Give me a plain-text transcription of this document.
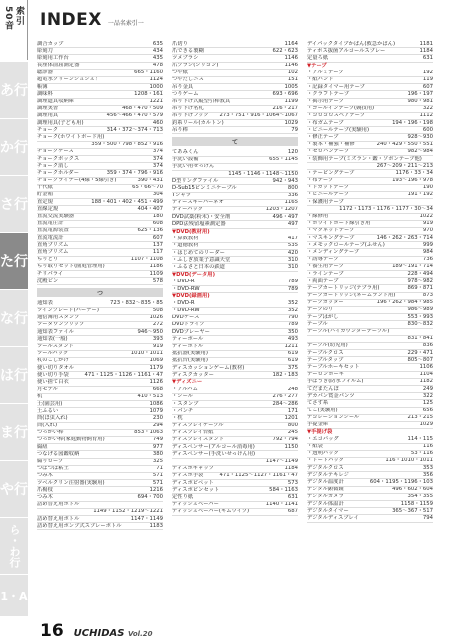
50音 索引
あ行
か行
さ行
た行
な行
は行
ま行
や行
ら・わ行
1・A
INDEX 一品名索引一
調合カップ	635
彫刻刀	434
彫刻用工作台	435
長座体前屈測定器	478
聴診器	665・1160
超電水クリーンシュシュ！	1124
帳簿	1000
調味料	1208・161
調理道具収納庫	1221
調理実習	468・470・509
調理用具	456〜466・470・579
調理用具(子ども用)	460
チョーク	314・372〜374・713
チョーク(ホワイトボード用)
359・500・798・852・916
チョークケース	374
チョークボックス	374
チョーク消し	374
チョークホルダー	359・374・796・916
チョークライナー(4線・5線引き)	390・431
千代紙	65・66〜70
貯金箱	304
直定規	188・401・402・451・499
直線定規	404・407
直流交流実験器	180
直流電圧計	608
直流電源装置	625・136
直流電流計	607
直角プリズム	137
直角プリズム	117
ちりとり	1107・1108
ちり取りセット(園庭管理用)	1186
チリパライ	1109
沈殿ビン	578
つ
通知表	723・832〜835・85
ツインブレード(バーナー)	508
通信簿用スタンプ	1026
ツーダウンブリップ	272
通知表ファイル	946〜950
通知表(一般)	393
ツールスタンド	919
ツールバッグ	1010・1011
杖のこしかけ	1069
使い切りタオル	1179
使い切り手袋	471・1125・1126・1161・47
使い捨て白衣	1126
月モデル	668
机	410・513
土(園芸用)	1086
土ふるい	1079
筒(ほ虫入れ)	230
筒(入れ)	294
つっかい棒	853・1063
つっかい棒(家庭動物飼育用)	749
綴紐	977
つなげる図鑑収納	380
綴りロープ	325
つぼつぼ粘土	71
つみ木	571
ツベルクリン注射器(実験用)	571
爪楊枝	1216
つみ木	694・700
詰め替え用ボトル
1149・1152・1219〜1221
詰め替え用ボトル	1147・1149
詰め替え用ポンプ式スプレーボトル	1183
爪切り	1164
爪できる製糊	622・623
ツメブラシ	1146
爪ブラシ(シリコン)	1146
つや紙	102
つやだしニス	151
吊り金具	1005
つりゲーム	693・696
吊り下げ式縦型引棒教具	1199
吊り下げ名札	216・217
吊り下げフック 273・751・916・1064〜1067
釣糸リール(カルトン)	1029
吊り棒	79
て
てあみくん	120
手洗い設備	655・1145
手洗い用せっけん
1145・1146・1148〜1150
D型リングファイル	942・943
D-Sub15ピンミニケーブル	800
Tシャツ	336
ティースキーパーネオ	1165
ティーバッグ	1203・1207
DVD試薬(粉末)・安全剤	496・497
DPD法残留塩素測定器	497
▼DVD(教材用)
・算数教材	417
・道徳教材	535
・はじめてのリーダー	420
・ふしぎ放業子意識天堂	310
・ふるさと日本の鉄道	310
▼DVD(データ用)
・DVD-R	789
・DVD-RW	789
▼DVD(録画用)
・DVD-R	352
・DVD-RW	352
DVDケース	790
DVDドライブ	789
DVDプレーヤー	350
ティーポール	493
ティーボトル	1211
抵抗器(実験用)	619
抵抗台(実験用)	619
ディスカッションゲーム(教材)	375
ディスクカッター	182・183
▼ディズニー
・アルバム	248
・シール	276・277
・スタンプ	284〜286
・パンチ	171
・枕	1201
ディスプレイケーブル	800
ディスプレイ台紙	245
ディスプレイスタンド	792・794
ディスペンサー(アルコール消毒用)	1150
ディスペンサー(手洗いせっけん用)
1147〜1149
ディスポギャップ	1184
ディスポ手袋	471・1125〜1127・1161・47
ディスポピペット	573
ディスポピンセット	584・1163
定性り紙	631
ディッシュペーパー	1140・1141
ディッシュペーパー(キムワイプ)	687
デイパックタイプかばん(救急かばん)	1181
ティポス抜菌アルコールスプレー	1184
定量ろ紙	631
▼テープ
・アルミテープ	192
・紙バンド	119
・記録タイマー用テープ	607
・クラフトテープ	196・197
・掲示用テープ	980・981
・ゴールインテープ(競技用)	322
・コロコロスペアテープ	1112
・布ガムテープ	194・196・198
・ビニールテープ(実験用)	600
・修正テープ	928〜930
・製本・補強・補修	240・429・550・551
・セロハンテープ	982〜984
・装飾用テープ(ミズラン・鑑・ソボンテープ他)
267〜209・211〜213
・テーピングテープ	1176・33・34
・布テープ	193〜196・978
・ドカットテープ	190
・ビニールテープ	191・192
・保護用テープ
1172・1173・1176・1177・30〜34
・線修用	1022
・ホワイトボード線引き用	919
・マグネットテープ	970
・マスキングテープ	146・262・263・714
・メモックロールテープ(ふせん)	999
・メンディングテープ	984
・誘導テープ	736
・養生用テープ	189〜191・714
・ラインテープ	228・494
・両面テープ	978〜982
テープカートリッジ(テプラ用)	869・871
テープカートリッジ(ネームランド用)	873
テープカッター	196・262・984・985
テープのり	986〜989
テープはがし	553・993
テープル	830〜832
テーブル(ハイカウンターテーブル)
831・841
テーブル(幼児用)	836
テーブルクロス	229・471
テーブルタップ	805〜807
テーブルホーキセット	1106
テーロンホーキ	1104
手ぼうき(防水フィルム)	1182
てだまたんぽ	249
デカパン賞金パンツ	322
てさす糸	125
てこ(実験用)	656
デコレーションシール	213・215
手提金庫	1029
▼手提げ袋
・エコバッグ	114・115
・紙袋	116
・透明バッグ	53・116
・トートバッグ	116・1010・1011
デジタルクロス	353
デジタルテキレジ	356
デジタル温度計	604・1195・1196・103
デジタル顕微鏡	496・602・604
デジタルカメラ	354・355
デジタル体温計	1158・1159
デジタルタイマー	365〜367・517
デジタルディスプレイ	794
16 UCHIDAS Vol.20
